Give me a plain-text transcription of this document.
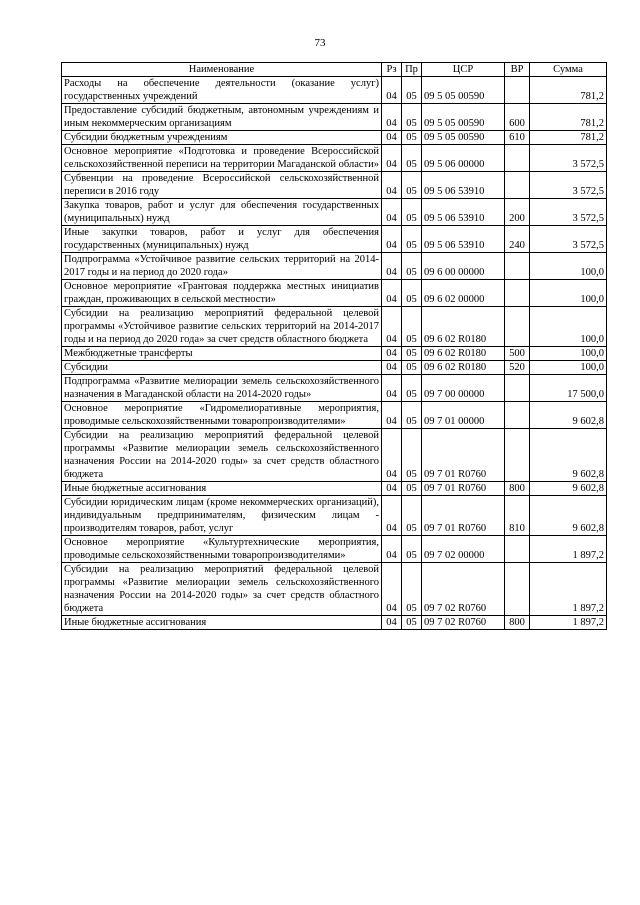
73
Наименование	Рз	Пр	ЦСР	ВР	Сумма
Расходы на обеспечение деятельности (оказание услуг) государственных учреждений	04	05	09 5 05 00590		781,2
Предоставление субсидий бюджетным, автономным учреждениям и иным некоммерческим организациям	04	05	09 5 05 00590	600	781,2
Субсидии бюджетным учреждениям	04	05	09 5 05 00590	610	781,2
Основное мероприятие «Подготовка и проведение Всероссийской сельскохозяйственной переписи на территории Магаданской области»	04	05	09 5 06 00000		3 572,5
Субвенции на проведение Всероссийской сельскохозяйственной переписи в 2016 году	04	05	09 5 06 53910		3 572,5
Закупка товаров, работ и услуг для обеспечения государственных (муниципальных) нужд	04	05	09 5 06 53910	200	3 572,5
Иные закупки товаров, работ и услуг для обеспечения государственных (муниципальных) нужд	04	05	09 5 06 53910	240	3 572,5
Подпрограмма «Устойчивое развитие сельских территорий на 2014-2017 годы и на период до 2020 года»	04	05	09 6 00 00000		100,0
Основное мероприятие «Грантовая поддержка местных инициатив граждан, проживающих в сельской местности»	04	05	09 6 02 00000		100,0
Субсидии на реализацию мероприятий федеральной целевой программы «Устойчивое развитие сельских территорий на 2014-2017 годы и на период до 2020 года» за счет средств областного бюджета	04	05	09 6 02 R0180		100,0
Межбюджетные трансферты	04	05	09 6 02 R0180	500	100,0
Субсидии	04	05	09 6 02 R0180	520	100,0
Подпрограмма «Развитие мелиорации земель сельскохозяйственного назначения в Магаданской области на 2014-2020 годы»	04	05	09 7 00 00000		17 500,0
Основное мероприятие «Гидромелиоративные мероприятия, проводимые сельскохозяйственными товаропроизводителями»	04	05	09 7 01 00000		9 602,8
Субсидии на реализацию мероприятий федеральной целевой программы «Развитие мелиорации земель сельскохозяйственного назначения России на 2014-2020 годы» за счет средств областного бюджета	04	05	09 7 01 R0760		9 602,8
Иные бюджетные ассигнования	04	05	09 7 01 R0760	800	9 602,8
Субсидии юридическим лицам (кроме некоммерческих организаций), индивидуальным предпринимателям, физическим лицам - производителям товаров, работ, услуг	04	05	09 7 01 R0760	810	9 602,8
Основное мероприятие «Культуртехнические мероприятия, проводимые сельскохозяйственными товаропроизводителями»	04	05	09 7 02 00000		1 897,2
Субсидии на реализацию мероприятий федеральной целевой программы «Развитие мелиорации земель сельскохозяйственного назначения России на 2014-2020 годы» за счет средств областного бюджета	04	05	09 7 02 R0760		1 897,2
Иные бюджетные ассигнования	04	05	09 7 02 R0760	800	1 897,2
